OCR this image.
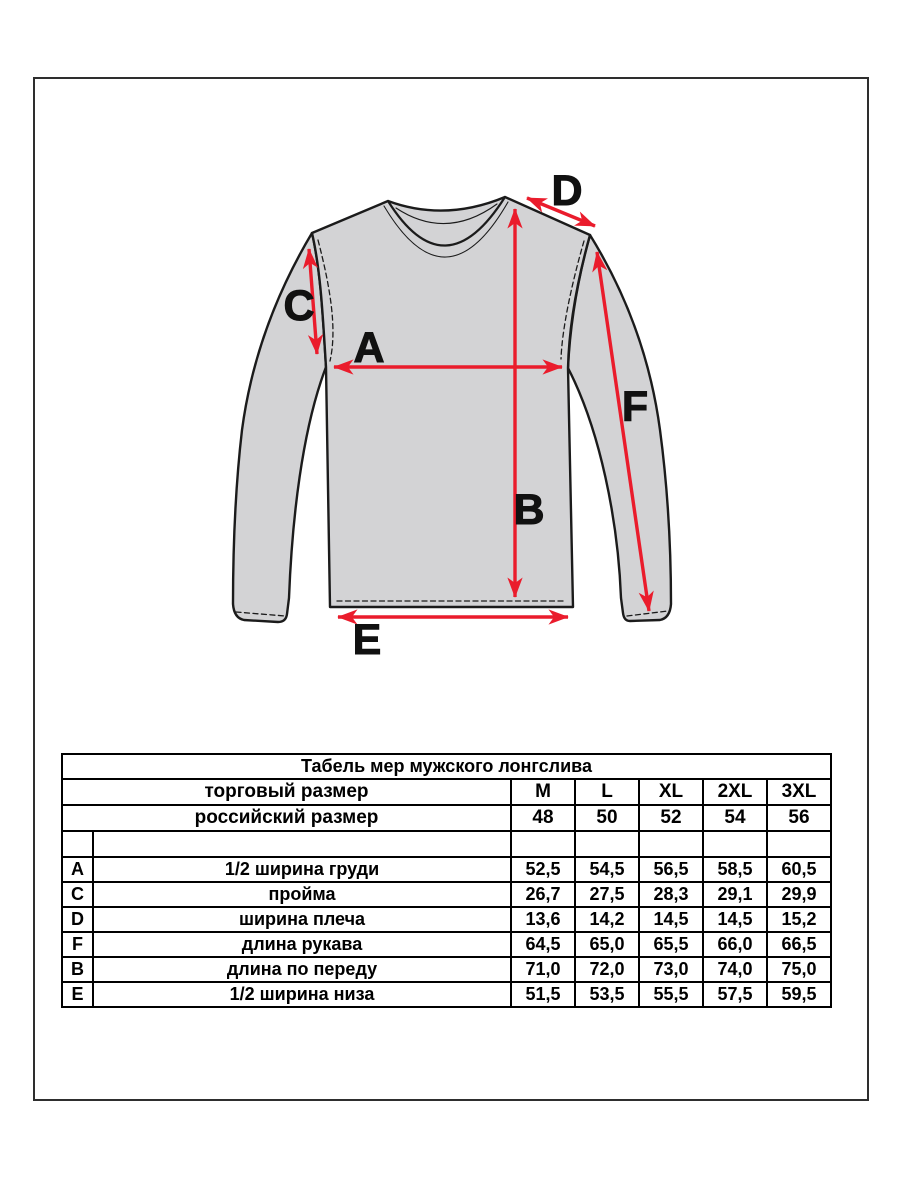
C
A
B
D
E
F
Табель мер мужского лонгслива						
торговый размер		M	L	XL	2XL	3XL
российский размер		48	50	52	54	56

A	1/2 ширина груди	52,5	54,5	56,5	58,5	60,5
C	пройма	26,7	27,5	28,3	29,1	29,9
D	ширина плеча	13,6	14,2	14,5	14,5	15,2
F	длина рукава	64,5	65,0	65,5	66,0	66,5
B	длина по переду	71,0	72,0	73,0	74,0	75,0
E	1/2 ширина низа	51,5	53,5	55,5	57,5	59,5
